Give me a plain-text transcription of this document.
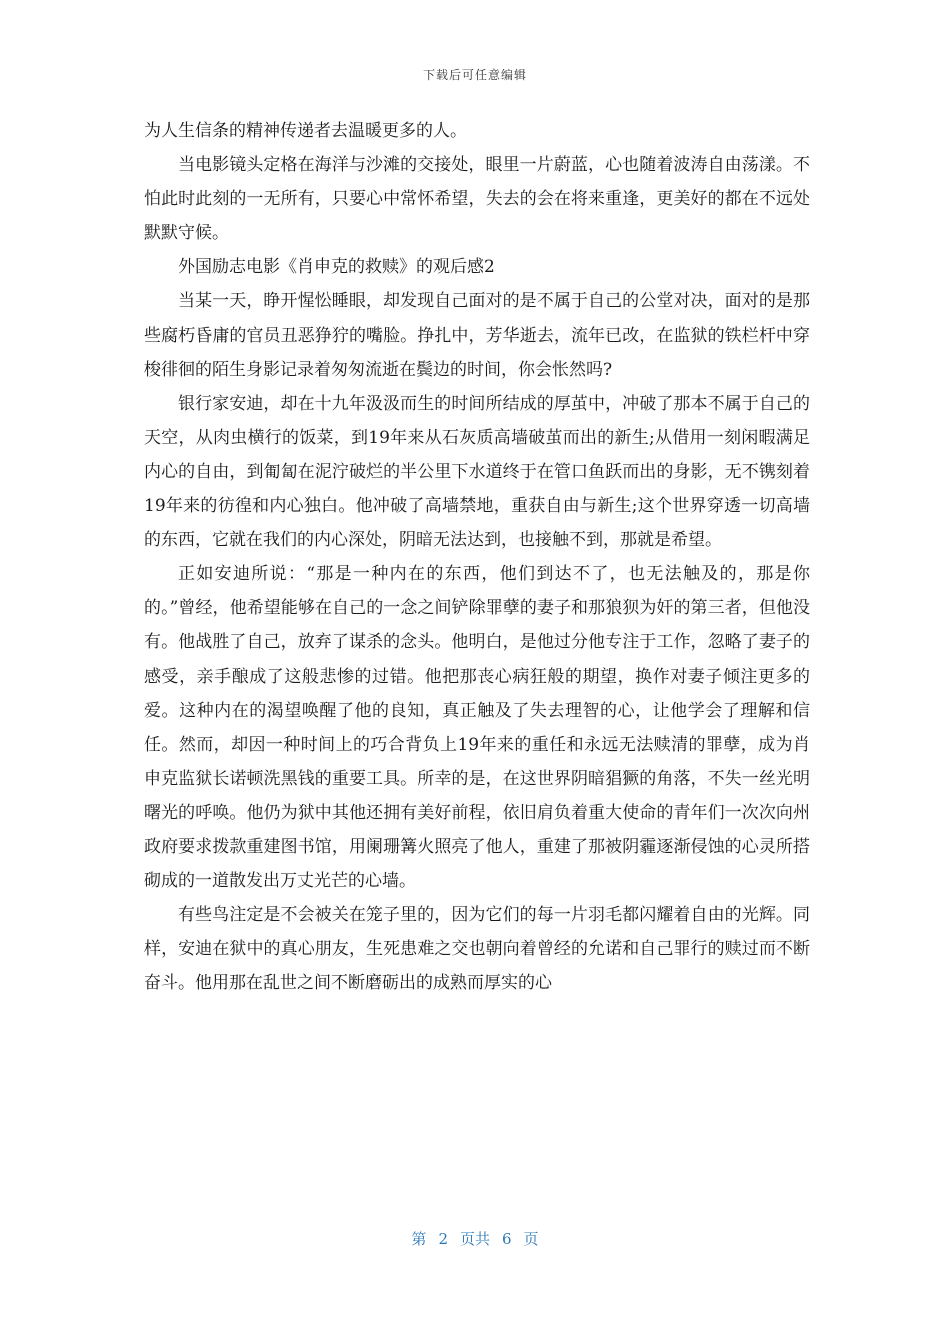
下载后可任意编辑

为人生信条的精神传递者去温暖更多的人。

当电影镜头定格在海洋与沙滩的交接处，眼里一片蔚蓝，心也随着波涛自由荡漾。不怕此时此刻的一无所有，只要心中常怀希望，失去的会在将来重逢，更美好的都在不远处默默守候。

外国励志电影《肖申克的救赎》的观后感2

当某一天，睁开惺忪睡眼，却发现自己面对的是不属于自己的公堂对决，面对的是那些腐朽昏庸的官员丑恶狰狞的嘴脸。挣扎中，芳华逝去，流年已改，在监狱的铁栏杆中穿梭徘徊的陌生身影记录着匆匆流逝在鬓边的时间，你会怅然吗?

银行家安迪，却在十九年汲汲而生的时间所结成的厚茧中，冲破了那本不属于自己的天空，从肉虫横行的饭菜，到19年来从石灰质高墙破茧而出的新生;从借用一刻闲暇满足内心的自由，到匍匐在泥泞破烂的半公里下水道终于在管口鱼跃而出的身影，无不镌刻着19年来的彷徨和内心独白。他冲破了高墙禁地，重获自由与新生;这个世界穿透一切高墙的东西，它就在我们的内心深处，阴暗无法达到，也接触不到，那就是希望。

正如安迪所说：“那是一种内在的东西，他们到达不了，也无法触及的，那是你的。”曾经，他希望能够在自己的一念之间铲除罪孽的妻子和那狼狈为奸的第三者，但他没有。他战胜了自己，放弃了谋杀的念头。他明白，是他过分他专注于工作，忽略了妻子的感受，亲手酿成了这般悲惨的过错。他把那丧心病狂般的期望，换作对妻子倾注更多的爱。这种内在的渴望唤醒了他的良知，真正触及了失去理智的心，让他学会了理解和信任。然而，却因一种时间上的巧合背负上19年来的重任和永远无法赎清的罪孽，成为肖申克监狱长诺顿洗黑钱的重要工具。所幸的是，在这世界阴暗猖獗的角落，不失一丝光明曙光的呼唤。他仍为狱中其他还拥有美好前程，依旧肩负着重大使命的青年们一次次向州政府要求拨款重建图书馆，用阑珊篝火照亮了他人，重建了那被阴霾逐渐侵蚀的心灵所搭砌成的一道散发出万丈光芒的心墙。

有些鸟注定是不会被关在笼子里的，因为它们的每一片羽毛都闪耀着自由的光辉。同样，安迪在狱中的真心朋友，生死患难之交也朝向着曾经的允诺和自己罪行的赎过而不断奋斗。他用那在乱世之间不断磨砺出的成熟而厚实的心

第 2 页共 6 页
